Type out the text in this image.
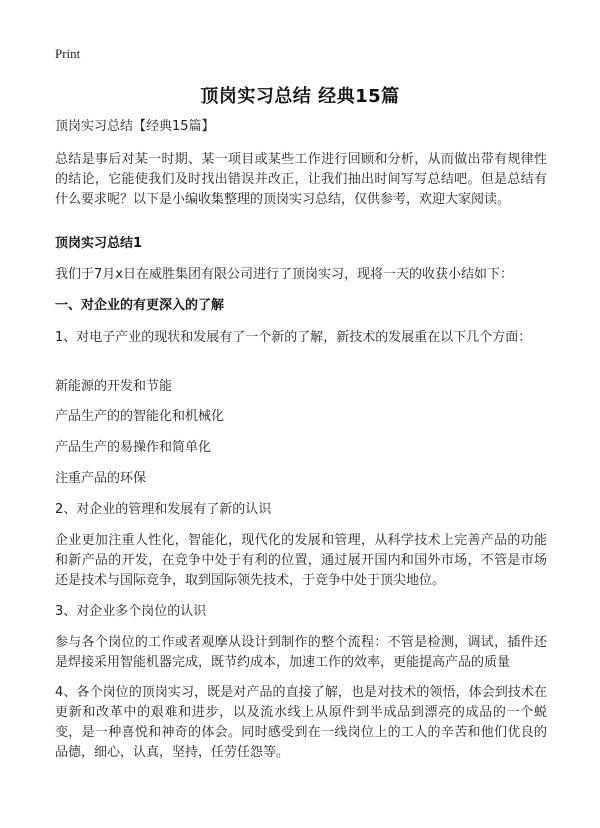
Print
顶岗实习总结 经典15篇
顶岗实习总结【经典15篇】
总结是事后对某一时期、某一项目或某些工作进行回顾和分析，从而做出带有规律性的结论，它能使我们及时找出错误并改正，让我们抽出时间写写总结吧。但是总结有什么要求呢？以下是小编收集整理的顶岗实习总结，仅供参考，欢迎大家阅读。
顶岗实习总结1
我们于7月x日在威胜集团有限公司进行了顶岗实习，现将一天的收获小结如下：
一、对企业的有更深入的了解
1、对电子产业的现状和发展有了一个新的了解，新技术的发展重在以下几个方面：
新能源的开发和节能
产品生产的的智能化和机械化
产品生产的易操作和简单化
注重产品的环保
2、对企业的管理和发展有了新的认识
企业更加注重人性化，智能化，现代化的发展和管理，从科学技术上完善产品的功能和新产品的开发，在竞争中处于有利的位置，通过展开国内和国外市场，不管是市场还是技术与国际竞争，取到国际领先技术，于竞争中处于顶尖地位。
3、对企业多个岗位的认识
参与各个岗位的工作或者观摩从设计到制作的整个流程：不管是检测，调试，插件还是焊接采用智能机器完成，既节约成本，加速工作的效率，更能提高产品的质量
4、各个岗位的顶岗实习，既是对产品的直接了解，也是对技术的领悟，体会到技术在更新和改革中的艰难和进步，以及流水线上从原件到半成品到漂亮的成品的一个蜕变，是一种喜悦和神奇的体会。同时感受到在一线岗位上的工人的辛苦和他们优良的品德，细心，认真，坚持，任劳任怨等。
